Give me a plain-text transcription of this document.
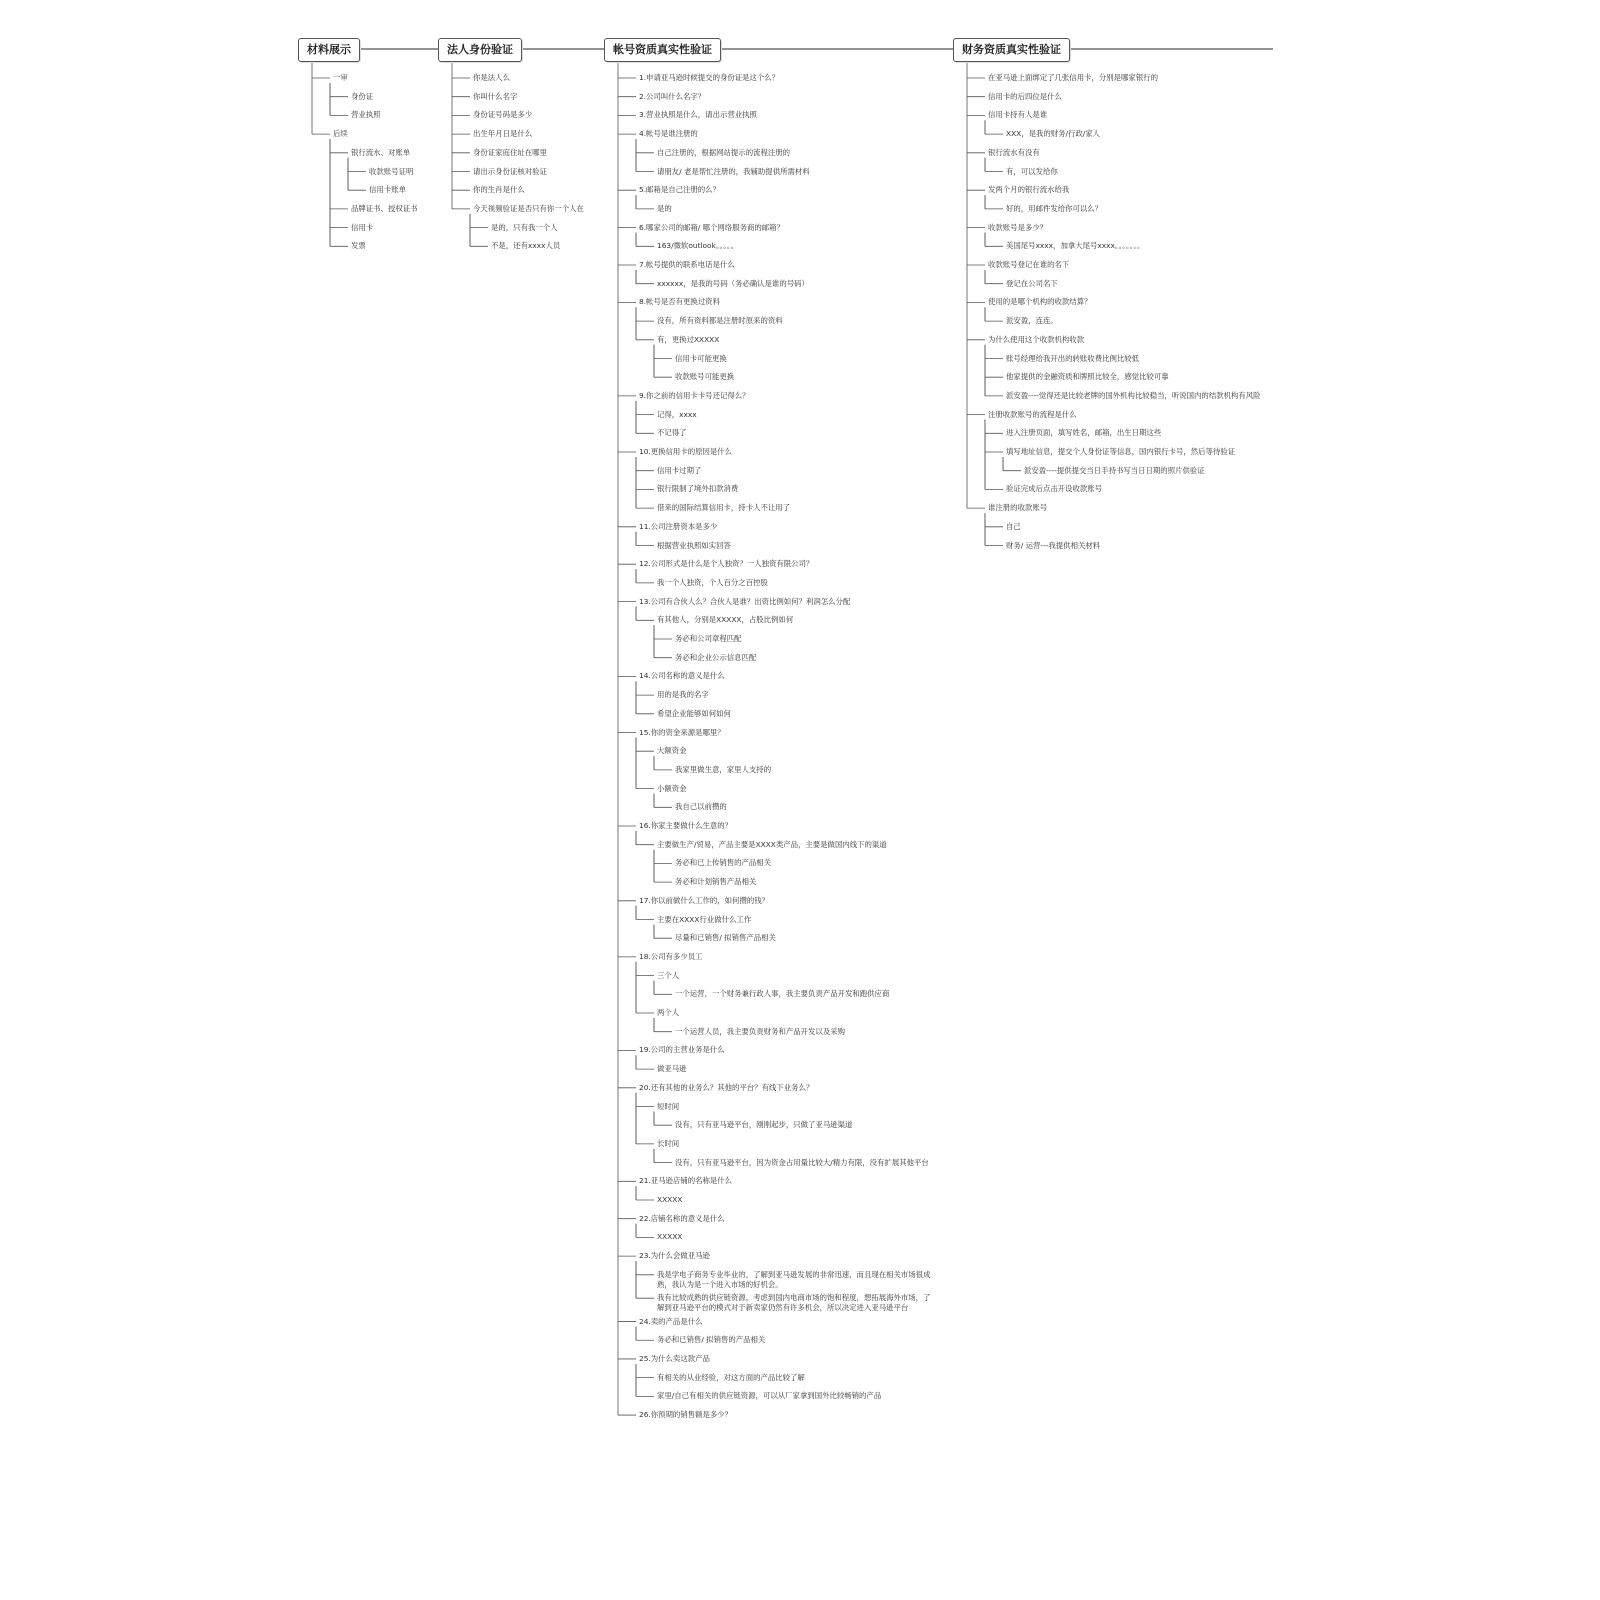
材料展示
一审
身份证
营业执照
后续
银行流水、对账单
收款账号证明
信用卡账单
品牌证书、授权证书
信用卡
发票
法人身份验证
你是法人么
你叫什么名字
身份证号码是多少
出生年月日是什么
身份证家庭住址在哪里
请出示身份证核对验证
你的生肖是什么
今天视频验证是否只有你一个人在
是的，只有我一个人
不是，还有xxxx人员
帐号资质真实性验证
1.申请亚马逊时候提交的身份证是这个么？
2.公司叫什么名字？
3.营业执照是什么，请出示营业执照
4.帐号是谁注册的
自己注册的，根据网站提示的流程注册的
请朋友/ 老是帮忙注册的，我辅助提供所需材料
5.邮箱是自己注册的么？
是的
6.哪家公司的邮箱/ 哪个网络服务商的邮箱？
163/微软outlook。。。。。
7.帐号提供的联系电话是什么
xxxxxx，是我的号码（务必确认是谁的号码）
8.帐号是否有更换过资料
没有，所有资料都是注册时原来的资料
有，更换过XXXXX
信用卡可能更换
收款账号可能更换
9.你之前的信用卡卡号还记得么？
记得，xxxx
不记得了
10.更换信用卡的原因是什么
信用卡过期了
银行限制了境外扣款消费
借来的国际结算信用卡，持卡人不让用了
11.公司注册资本是多少
根据营业执照如实回答
12.公司形式是什么是个人独资？一人独资有限公司？
我一个人独资，个人百分之百控股
13.公司有合伙人么？合伙人是谁？出资比例如何？利润怎么分配
有其他人，分别是XXXXX，占股比例如何
务必和公司章程匹配
务必和企业公示信息匹配
14.公司名称的意义是什么
用的是我的名字
希望企业能够如何如何
15.你的资金来源是哪里？
大额资金
我家里做生意，家里人支持的
小额资金
我自己以前攒的
16.你家主要做什么生意的？
主要做生产/贸易，产品主要是XXXX类产品，主要是做国内线下的渠道
务必和已上传销售的产品相关
务必和计划销售产品相关
17.你以前做什么工作的，如何攒的钱？
主要在XXXX行业做什么工作
尽量和已销售/ 拟销售产品相关
18.公司有多少员工
三个人
一个运营，一个财务兼行政人事，我主要负责产品开发和跑供应商
两个人
一个运营人员，我主要负责财务和产品开发以及采购
19.公司的主营业务是什么
做亚马逊
20.还有其他的业务么？其他的平台？有线下业务么？
短时间
没有，只有亚马逊平台，刚刚起步，只做了亚马逊渠道
长时间
没有，只有亚马逊平台，因为资金占用量比较大/精力有限，没有扩展其他平台
21.亚马逊店铺的名称是什么
XXXXX
22.店铺名称的意义是什么
XXXXX
23.为什么会做亚马逊
我是学电子商务专业毕业的，了解到亚马逊发展的非常迅速，而且现在相关市场很成熟，我认为是一个进入市场的好机会。
我有比较成熟的供应链资源，考虑到国内电商市场的饱和程度，想拓展海外市场，了解到亚马逊平台的模式对于新卖家仍然有许多机会，所以决定进入亚马逊平台
24.卖的产品是什么
务必和已销售/ 拟销售的产品相关
25.为什么卖这款产品
有相关的从业经验，对这方面的产品比较了解
家里/自己有相关的供应链资源，可以从厂家拿到国外比较畅销的产品
26.你预期的销售额是多少？
财务资质真实性验证
在亚马逊上面绑定了几张信用卡，分别是哪家银行的
信用卡的后四位是什么
信用卡持有人是谁
XXX，是我的财务/行政/家人
银行流水有没有
有，可以发给你
发两个月的银行流水给我
好的，用邮件发给你可以么？
收款账号是多少？
美国尾号xxxx，加拿大尾号xxxx。。。。。。。
收款账号登记在谁的名下
登记在公司名下
使用的是哪个机构的收款结算？
派安盈，连连。
为什么使用这个收款机构收款
账号经理给我开出的转账收费比例比较低
他家提供的金融资质和牌照比较全，感觉比较可靠
派安盈----觉得还是比较老牌的国外机构比较稳当，听说国内的结款机构有风险
注册收款账号的流程是什么
进入注册页面，填写姓名，邮箱，出生日期这些
填写地址信息，提交个人身份证等信息，国内银行卡号，然后等待验证
派安盈----提供提交当日手持书写当日日期的照片供验证
验证完成后点击开设收款账号
谁注册的收款账号
自己
财务/ 运营---我提供相关材料
